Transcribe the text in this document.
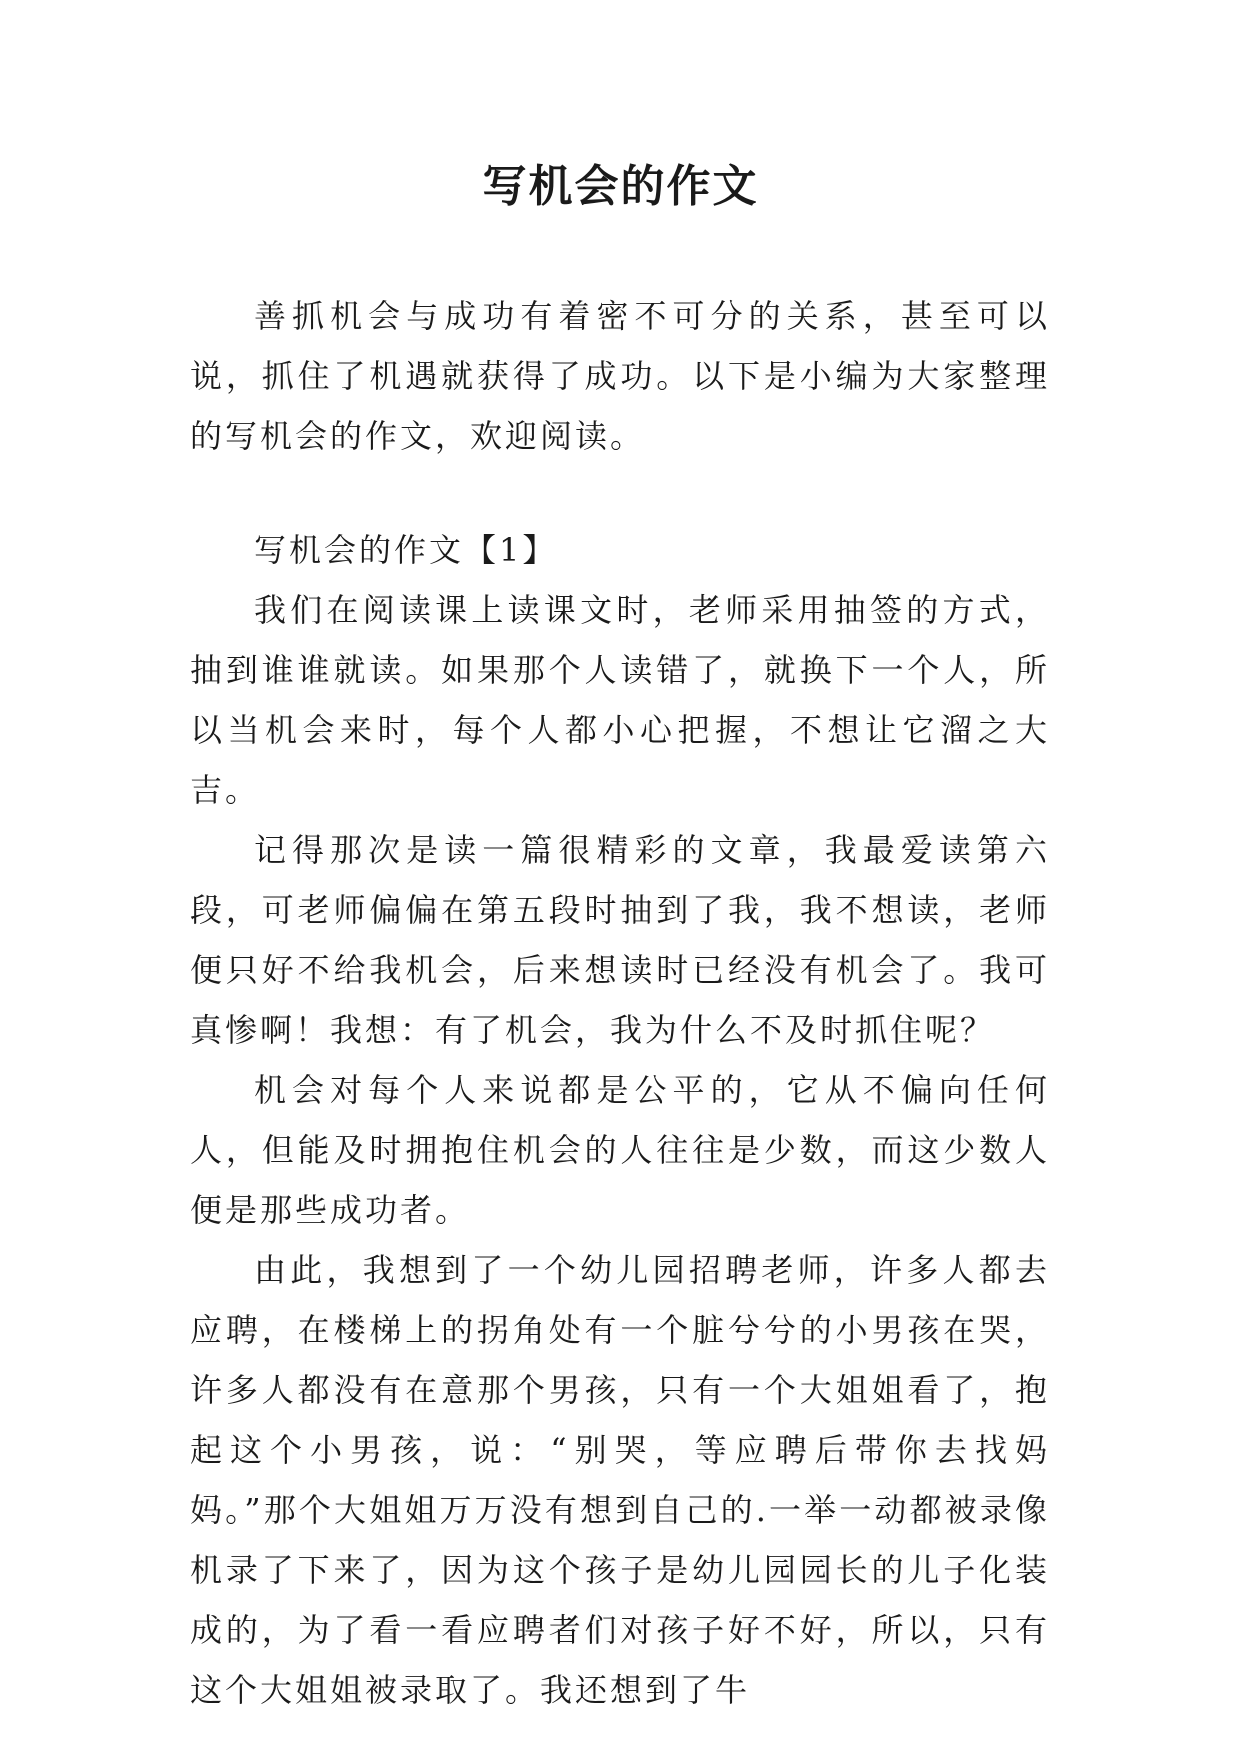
写机会的作文

善抓机会与成功有着密不可分的关系，甚至可以说，抓住了机遇就获得了成功。以下是小编为大家整理的写机会的作文，欢迎阅读。

写机会的作文【1】

我们在阅读课上读课文时，老师采用抽签的方式，抽到谁谁就读。如果那个人读错了，就换下一个人，所以当机会来时，每个人都小心把握，不想让它溜之大吉。

记得那次是读一篇很精彩的文章，我最爱读第六段，可老师偏偏在第五段时抽到了我，我不想读，老师便只好不给我机会，后来想读时已经没有机会了。我可真惨啊！我想：有了机会，我为什么不及时抓住呢？

机会对每个人来说都是公平的，它从不偏向任何人，但能及时拥抱住机会的人往往是少数，而这少数人便是那些成功者。

由此，我想到了一个幼儿园招聘老师，许多人都去应聘，在楼梯上的拐角处有一个脏兮兮的小男孩在哭，许多人都没有在意那个男孩，只有一个大姐姐看了，抱起这个小男孩，说：“别哭，等应聘后带你去找妈妈。”那个大姐姐万万没有想到自己的.一举一动都被录像机录了下来了，因为这个孩子是幼儿园园长的儿子化装成的，为了看一看应聘者们对孩子好不好，所以，只有这个大姐姐被录取了。我还想到了牛
